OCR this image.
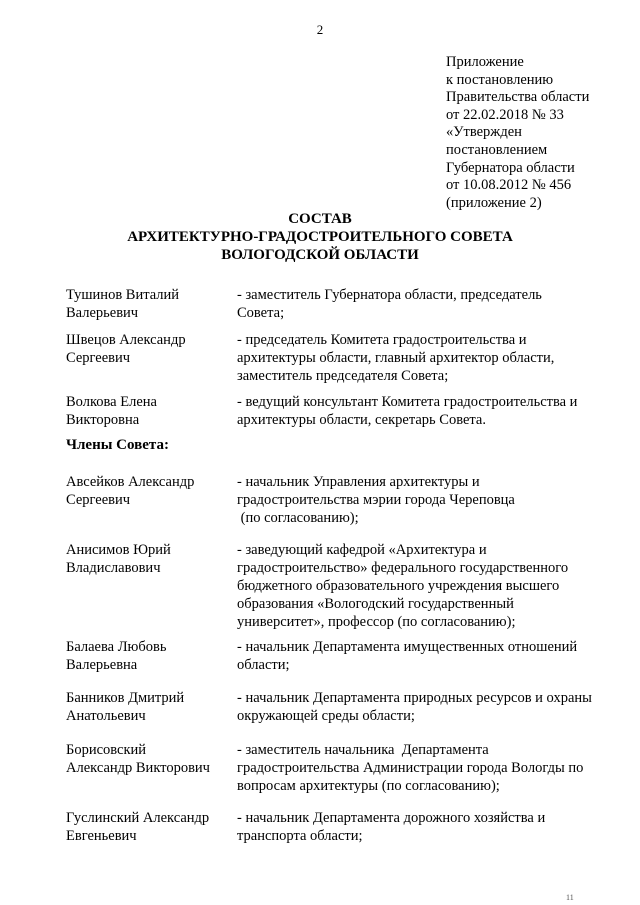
2
Приложение
к постановлению
Правительства области
от 22.02.2018 № 33
«Утвержден
постановлением
Губернатора области
от 10.08.2012 № 456
(приложение 2)
СОСТАВ
АРХИТЕКТУРНО-ГРАДОСТРОИТЕЛЬНОГО СОВЕТА
ВОЛОГОДСКОЙ ОБЛАСТИ
Тушинов Виталий
Валерьевич
- заместитель Губернатора области, председатель
Совета;
Швецов Александр
Сергеевич
- председатель Комитета градостроительства и
архитектуры области, главный архитектор области,
заместитель председателя Совета;
Волкова Елена
Викторовна
- ведущий консультант Комитета градостроительства и
архитектуры области, секретарь Совета.
Члены Совета:
Авсейков Александр
Сергеевич
- начальник Управления архитектуры и
градостроительства мэрии города Череповца
(по согласованию);
Анисимов Юрий
Владиславович
- заведующий кафедрой «Архитектура и
градостроительство» федерального государственного
бюджетного образовательного учреждения высшего
образования «Вологодский государственный
университет», профессор (по согласованию);
Балаева Любовь
Валерьевна
- начальник Департамента имущественных отношений
области;
Банников Дмитрий
Анатольевич
- начальник Департамента природных ресурсов и охраны
окружающей среды области;
Борисовский
Александр Викторович
- заместитель начальника  Департамента
градостроительства Администрации города Вологды по
вопросам архитектуры (по согласованию);
Гуслинский Александр
Евгеньевич
- начальник Департамента дорожного хозяйства и
транспорта области;
11
